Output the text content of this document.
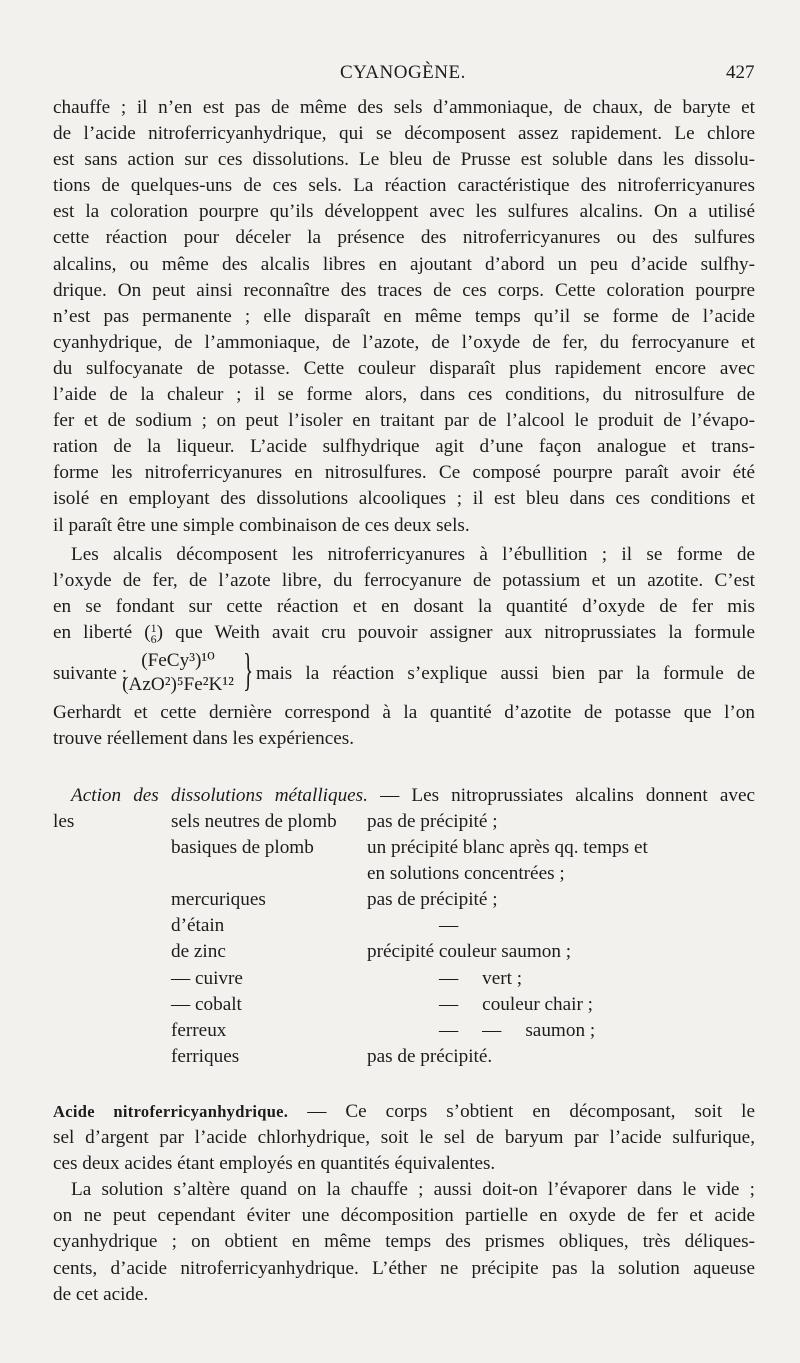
CYANOGÈNE.	427

chauffe ; il n’en est pas de même des sels d’ammoniaque, de chaux, de baryte et

de l’acide nitroferricyanhydrique, qui se décomposent assez rapidement. Le chlore

est sans action sur ces dissolutions. Le bleu de Prusse est soluble dans les dissolu-

tions de quelques-uns de ces sels. La réaction caractéristique des nitroferricyanures

est la coloration pourpre qu’ils développent avec les sulfures alcalins. On a utilisé

cette réaction pour déceler la présence des nitroferricyanures ou des sulfures

alcalins, ou même des alcalis libres en ajoutant d’abord un peu d’acide sulfhy-

drique. On peut ainsi reconnaître des traces de ces corps. Cette coloration pourpre

n’est pas permanente ; elle disparaît en même temps qu’il se forme de l’acide

cyanhydrique, de l’ammoniaque, de l’azote, de l’oxyde de fer, du ferrocyanure et

du sulfocyanate de potasse. Cette couleur disparaît plus rapidement encore avec

l’aide de la chaleur ; il se forme alors, dans ces conditions, du nitrosulfure de

fer et de sodium ; on peut l’isoler en traitant par de l’alcool le produit de l’évapo-

ration de la liqueur. L’acide sulfhydrique agit d’une façon analogue et trans-

forme les nitroferricyanures en nitrosulfures. Ce composé pourpre paraît avoir été

isolé en employant des dissolutions alcooliques ; il est bleu dans ces conditions et

il paraît être une simple combinaison de ces deux sels.

Les alcalis décomposent les nitroferricyanures à l’ébullition ; il se forme de

l’oxyde de fer, de l’azote libre, du ferrocyanure de potassium et un azotite. C’est

en se fondant sur cette réaction et en dosant la quantité d’oxyde de fer mis

en liberté (1
6) que Weith avait cru pouvoir assigner aux nitroprussiates la formule

suivante :
(FeCy³)¹⁰
(AzO²)⁵Fe²K¹² } mais la réaction s’explique aussi bien par la formule de

Gerhardt et cette dernière correspond à la quantité d’azotite de potasse que l’on

trouve réellement dans les expériences.

Action des dissolutions métalliques. — Les nitroprussiates alcalins donnent avec

les	sels neutres de plomb pas de précipité ;
basiques de plomb	un précipité blanc après qq. temps et
en solutions concentrées ;
mercuriques	pas de précipité ;
d’étain	—
de zinc	précipité couleur saumon ;
— cuivre	—     vert ;
— cobalt	—     couleur chair ;
ferreux	—     —     saumon ;
ferriques	pas de précipité.

Acide nitroferricyanhydrique. — Ce corps s’obtient en décomposant, soit le

sel d’argent par l’acide chlorhydrique, soit le sel de baryum par l’acide sulfurique,

ces deux acides étant employés en quantités équivalentes.

La solution s’altère quand on la chauffe ; aussi doit-on l’évaporer dans le vide ;

on ne peut cependant éviter une décomposition partielle en oxyde de fer et acide

cyanhydrique ; on obtient en même temps des prismes obliques, très déliques-

cents, d’acide nitroferricyanhydrique. L’éther ne précipite pas la solution aqueuse

de cet acide.
